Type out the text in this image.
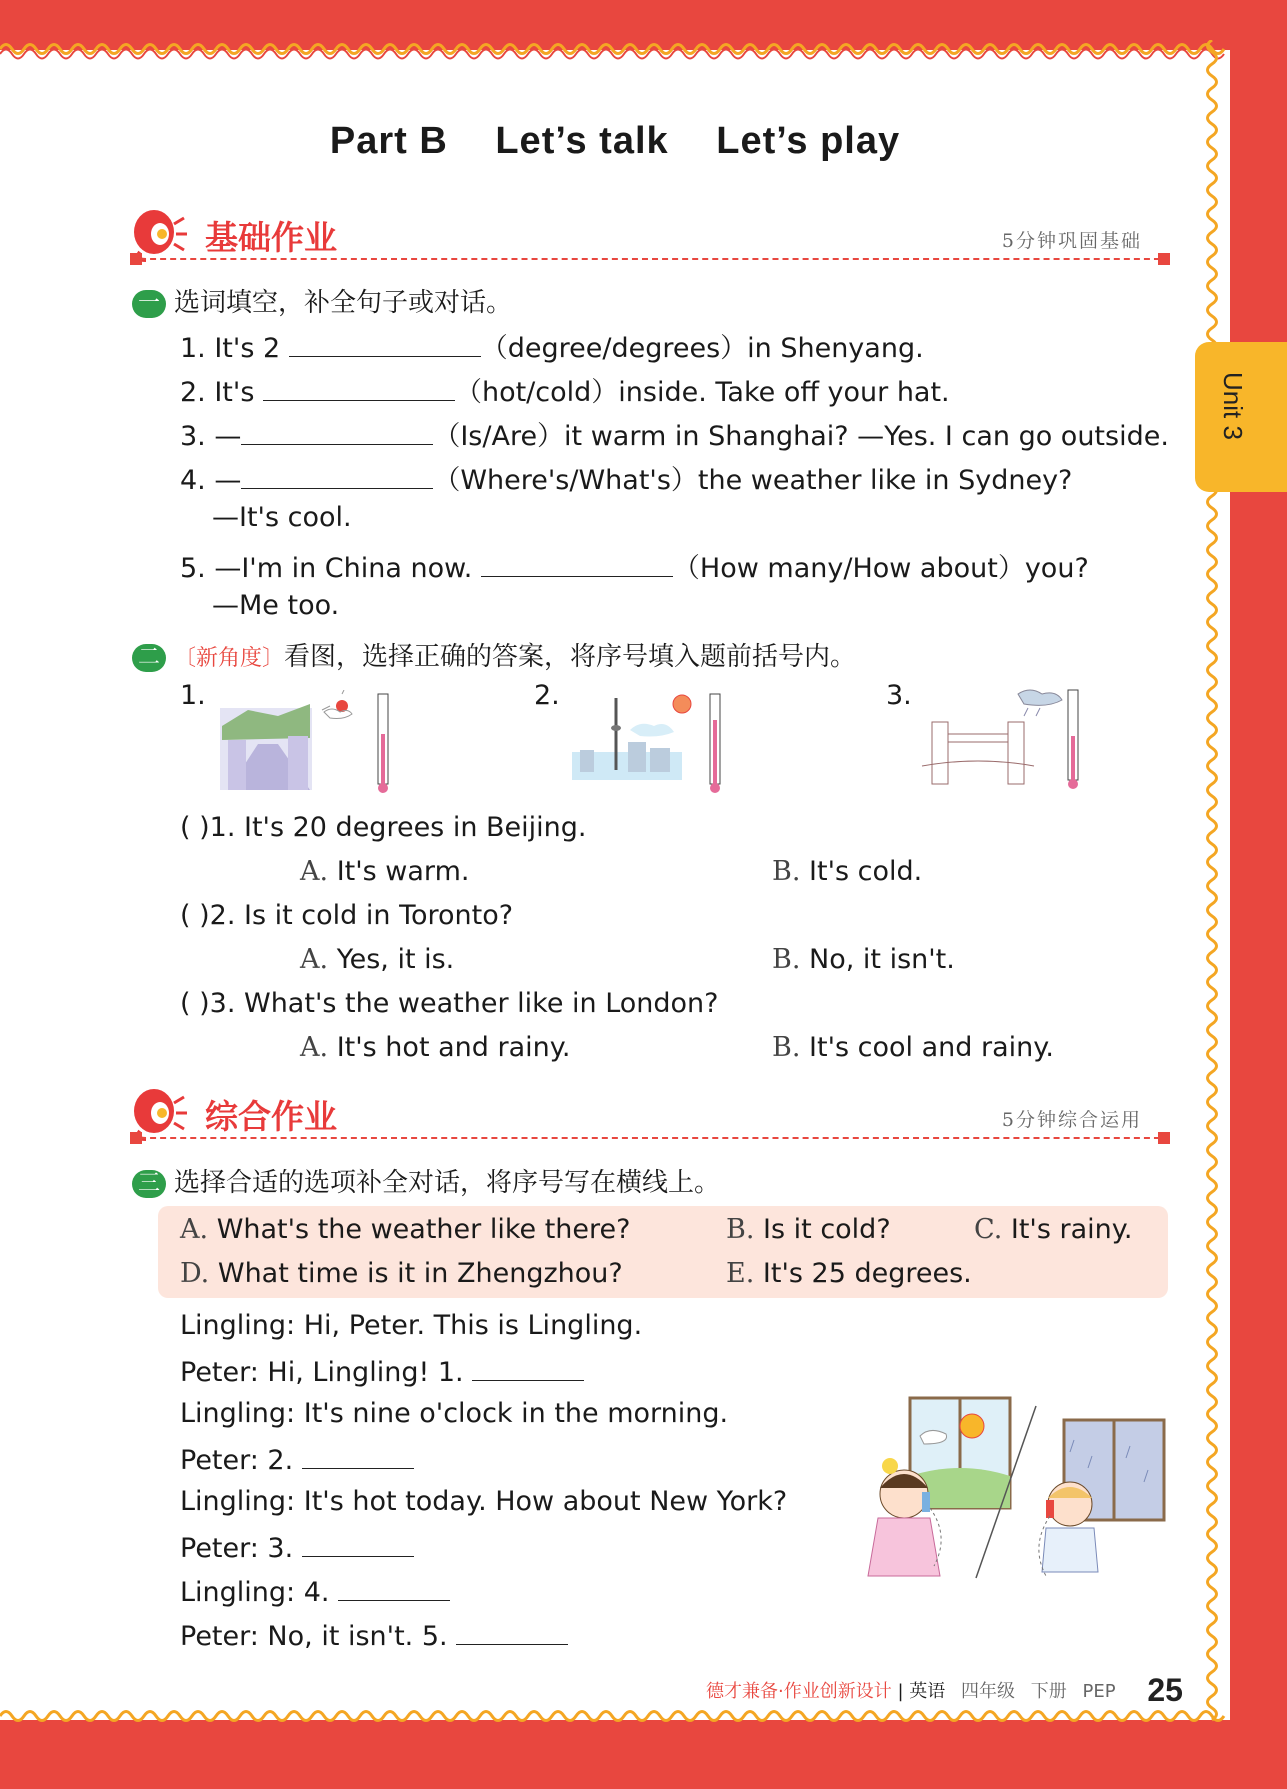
Unit 3
Part B Let’s talk Let’s play
基础作业	5分钟巩固基础
一 选词填空，补全句子或对话。
1. It's 2	（degree/degrees）in Shenyang.
2. It's	（hot/cold）inside. Take off your hat.
3. —	（Is/Are）it warm in Shanghai? —Yes. I can go outside.
4. —	（Where's/What's）the weather like in Sydney?
—It's cool.
5. —I'm in China now.	（How many/How about）you?
—Me too.
二 〔新角度〕看图，选择正确的答案，将序号填入题前括号内。
1.	2.	3.
( )1. It's 20 degrees in Beijing.
A. It's warm.	B. It's cold.
( )2. Is it cold in Toronto?
A. Yes, it is.	B. No, it isn't.
( )3. What's the weather like in London?
A. It's hot and rainy.	B. It's cool and rainy.
综合作业	5分钟综合运用
三 选择合适的选项补全对话，将序号写在横线上。
A. What's the weather like there?	B. Is it cold?	C. It's rainy.
D. What time is it in Zhengzhou?	E. It's 25 degrees.
Lingling: Hi, Peter. This is Lingling.
Peter: Hi, Lingling! 1.
Lingling: It's nine o'clock in the morning.
Peter: 2.
Lingling: It's hot today. How about New York?
Peter: 3.
Lingling: 4.
Peter: No, it isn't. 5.
德才兼备·作业创新设计 | 英语 四年级 下册 PEP 25
